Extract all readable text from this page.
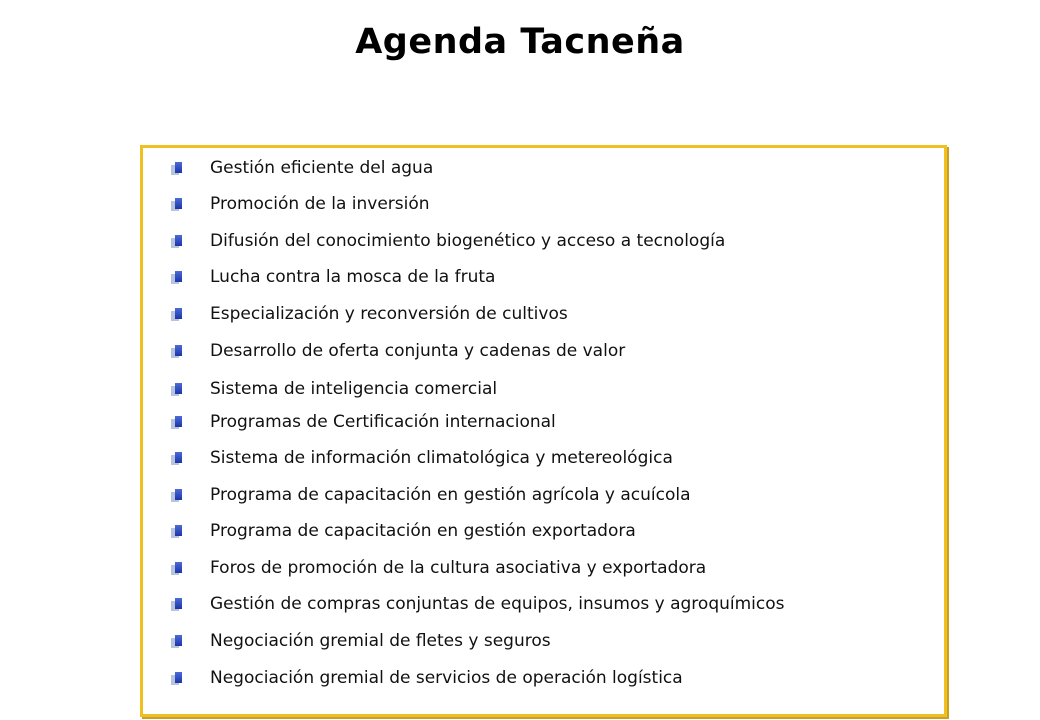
Agenda Tacneña
Gestión eficiente del agua
Promoción de la inversión
Difusión del conocimiento biogenético y acceso a tecnología
Lucha contra la mosca de la fruta
Especialización y reconversión de cultivos
Desarrollo de oferta conjunta y cadenas de valor
Sistema de inteligencia comercial
Programas de Certificación internacional
Sistema de información climatológica y metereológica
Programa de capacitación en gestión agrícola y acuícola
Programa de capacitación en gestión exportadora
Foros de promoción de la cultura asociativa y exportadora
Gestión de compras conjuntas de equipos, insumos y agroquímicos
Negociación gremial de fletes y seguros
Negociación gremial de servicios de operación logística
